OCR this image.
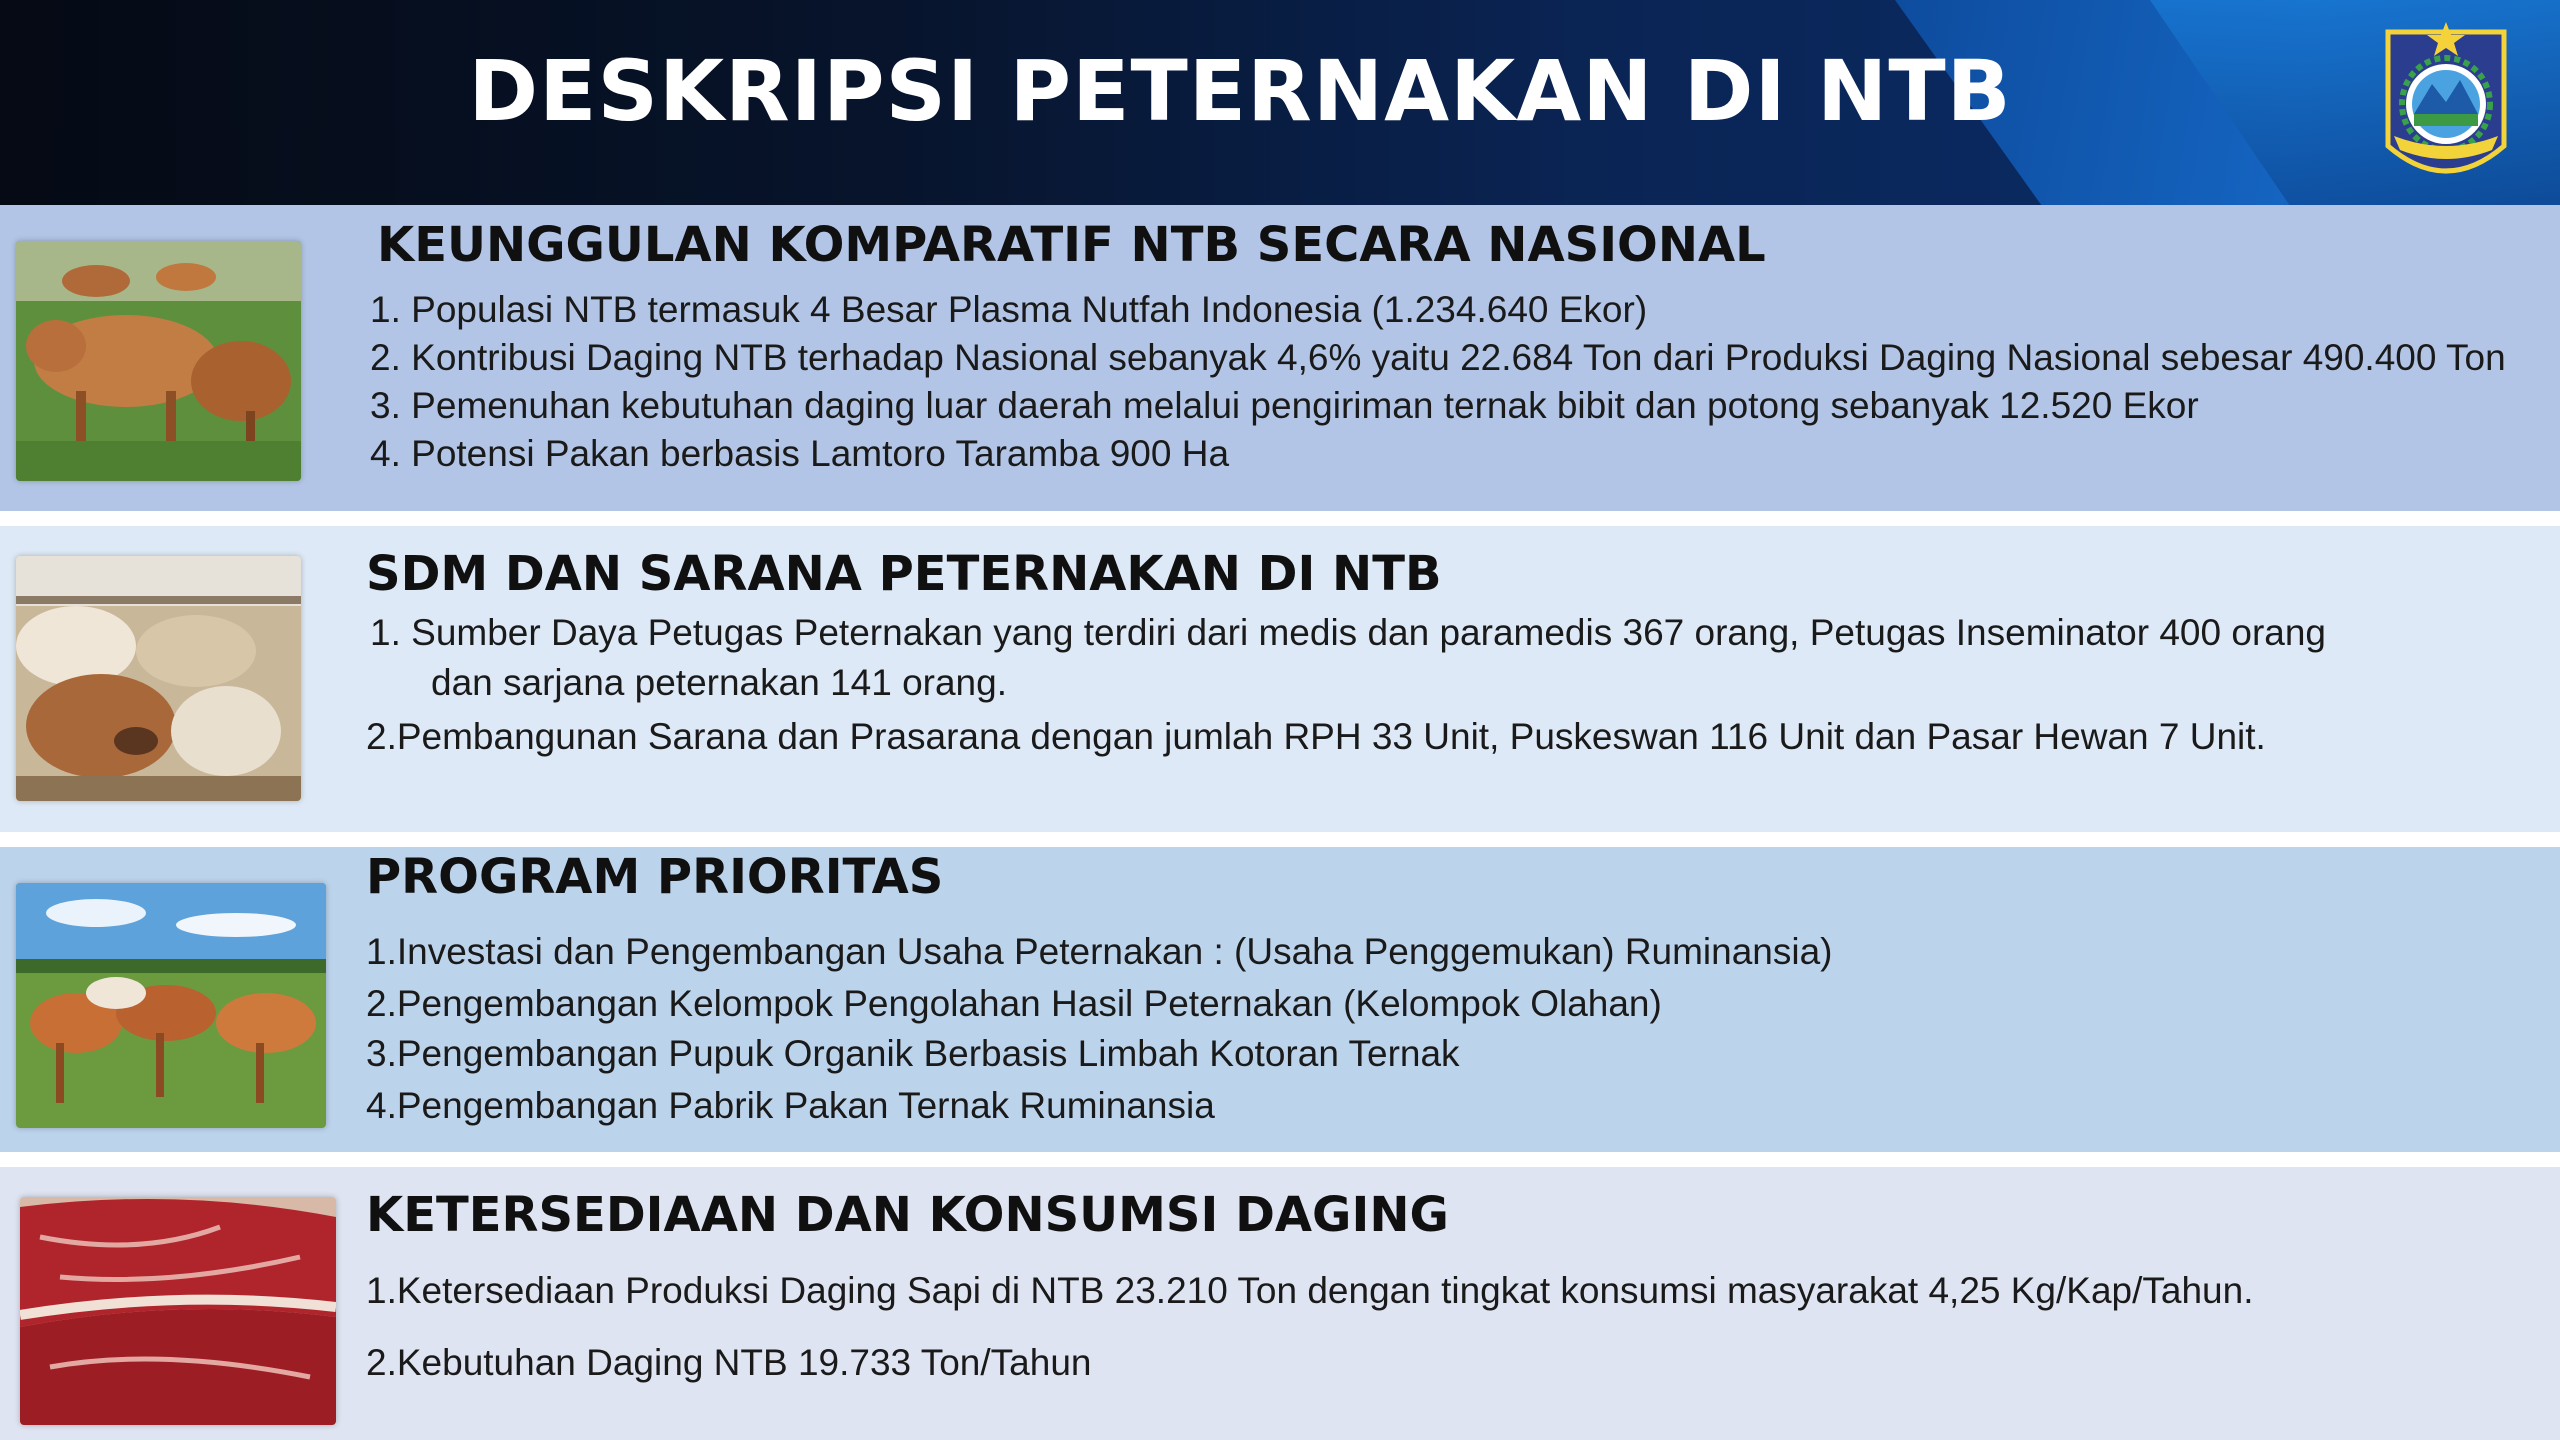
DESKRIPSI PETERNAKAN DI NTB
KEUNGGULAN KOMPARATIF NTB SECARA NASIONAL
1. Populasi NTB termasuk 4 Besar Plasma Nutfah Indonesia (1.234.640 Ekor)
2. Kontribusi Daging NTB terhadap Nasional sebanyak 4,6% yaitu 22.684 Ton dari Produksi Daging Nasional sebesar 490.400 Ton
3. Pemenuhan kebutuhan daging luar daerah melalui pengiriman ternak bibit dan potong sebanyak 12.520 Ekor
4. Potensi Pakan berbasis Lamtoro Taramba 900 Ha
SDM DAN SARANA PETERNAKAN DI NTB
1. Sumber Daya Petugas Peternakan yang terdiri dari medis dan paramedis 367 orang, Petugas Inseminator 400 orang
dan sarjana peternakan 141 orang.
2.Pembangunan Sarana dan Prasarana dengan jumlah RPH 33 Unit, Puskeswan 116 Unit dan Pasar Hewan 7 Unit.
PROGRAM PRIORITAS
1.Investasi dan Pengembangan Usaha Peternakan : (Usaha Penggemukan) Ruminansia)
2.Pengembangan Kelompok Pengolahan Hasil Peternakan (Kelompok Olahan)
3.Pengembangan Pupuk Organik Berbasis Limbah Kotoran Ternak
4.Pengembangan Pabrik Pakan Ternak Ruminansia
KETERSEDIAAN DAN KONSUMSI DAGING
1.Ketersediaan Produksi Daging Sapi di NTB 23.210 Ton dengan tingkat konsumsi masyarakat 4,25 Kg/Kap/Tahun.
2.Kebutuhan Daging NTB 19.733 Ton/Tahun
